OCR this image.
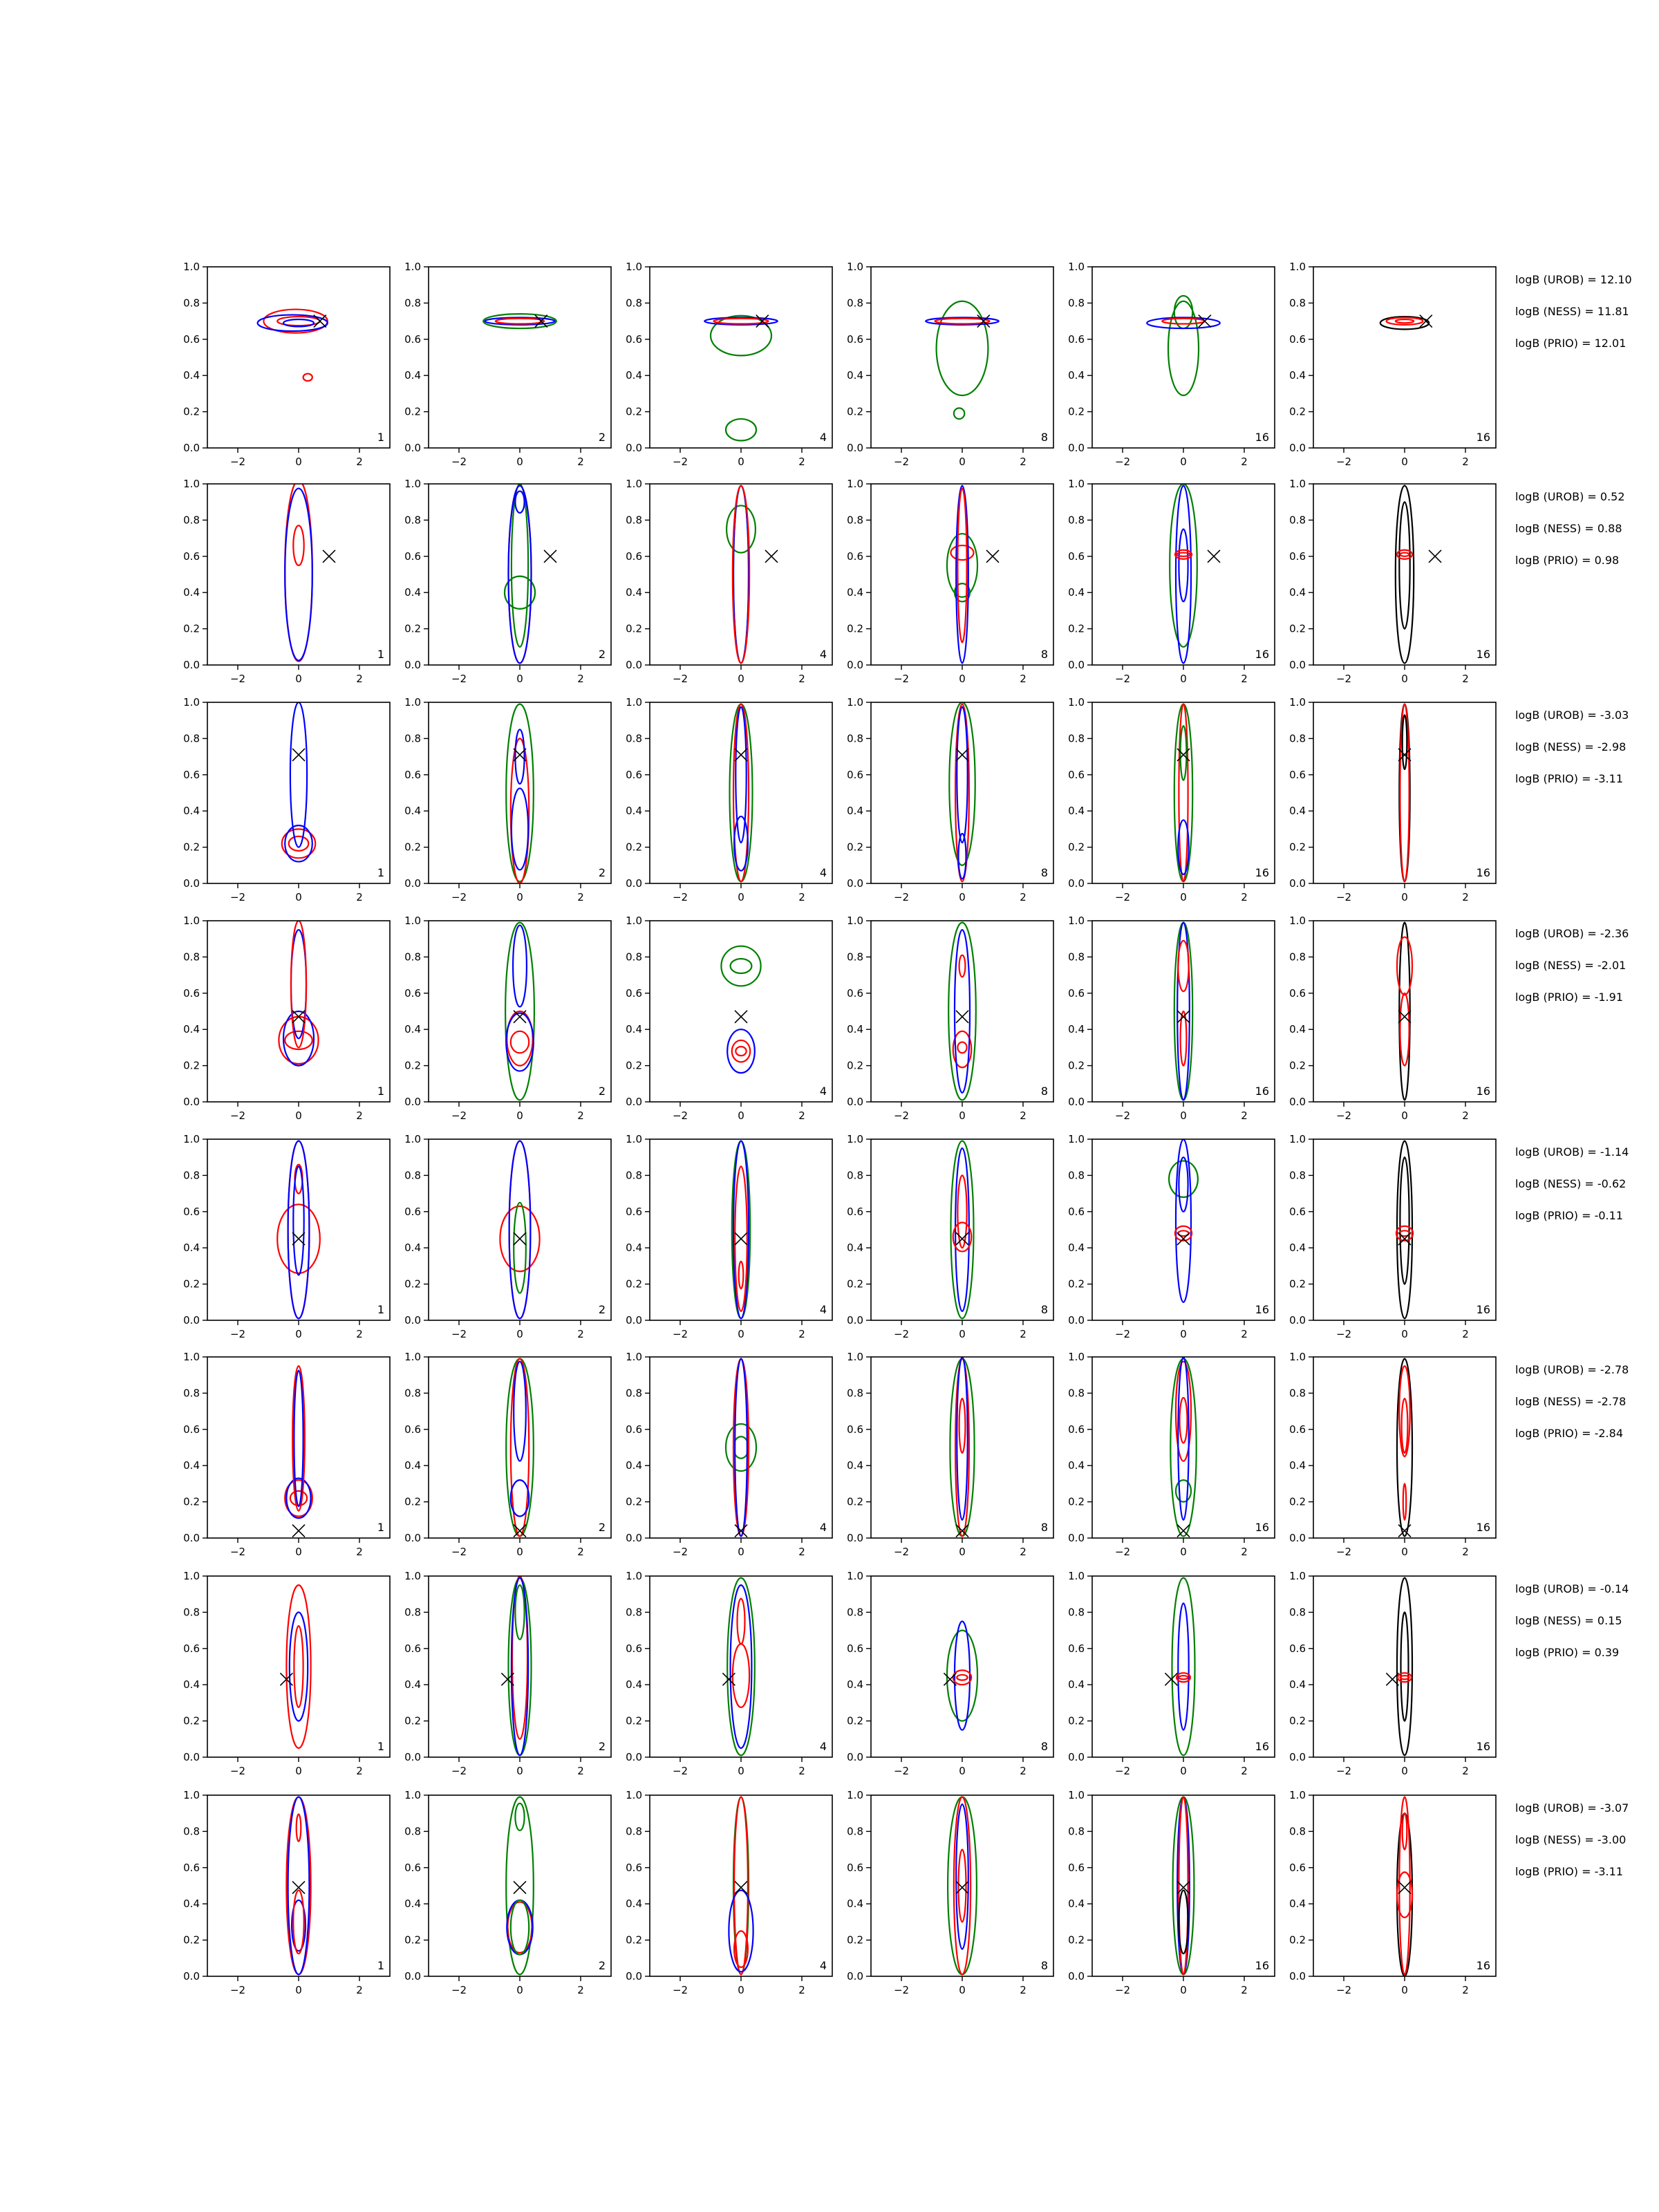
0.0
0.2
0.4
0.6
0.8
1.0
−2	0	2
1
0.0
0.2
0.4
0.6
0.8
1.0
−2	0	2
2
0.0
0.2
0.4
0.6
0.8
1.0
−2	0	2
4
0.0
0.2
0.4
0.6
0.8
1.0
−2	0	2
8
0.0
0.2
0.4
0.6
0.8
1.0
−2	0	2
16
0.0
0.2
0.4
0.6
0.8
1.0
−2	0	2
16
logB (UROB) = 12.10
logB (NESS) = 11.81
logB (PRIO) = 12.01
0.0
0.2
0.4
0.6
0.8
1.0
−2	0	2
1
0.0
0.2
0.4
0.6
0.8
1.0
−2	0	2
2
0.0
0.2
0.4
0.6
0.8
1.0
−2	0	2
4
0.0
0.2
0.4
0.6
0.8
1.0
−2	0	2
8
0.0
0.2
0.4
0.6
0.8
1.0
−2	0	2
16
0.0
0.2
0.4
0.6
0.8
1.0
−2	0	2
16
logB (UROB) = 0.52
logB (NESS) = 0.88
logB (PRIO) = 0.98
0.0
0.2
0.4
0.6
0.8
1.0
−2	0	2
1
0.0
0.2
0.4
0.6
0.8
1.0
−2	0	2
2
0.0
0.2
0.4
0.6
0.8
1.0
−2	0	2
4
0.0
0.2
0.4
0.6
0.8
1.0
−2	0	2
8
0.0
0.2
0.4
0.6
0.8
1.0
−2	0	2
16
0.0
0.2
0.4
0.6
0.8
1.0
−2	0	2
16
logB (UROB) = -3.03
logB (NESS) = -2.98
logB (PRIO) = -3.11
0.0
0.2
0.4
0.6
0.8
1.0
−2	0	2
1
0.0
0.2
0.4
0.6
0.8
1.0
−2	0	2
2
0.0
0.2
0.4
0.6
0.8
1.0
−2	0	2
4
0.0
0.2
0.4
0.6
0.8
1.0
−2	0	2
8
0.0
0.2
0.4
0.6
0.8
1.0
−2	0	2
16
0.0
0.2
0.4
0.6
0.8
1.0
−2	0	2
16
logB (UROB) = -2.36
logB (NESS) = -2.01
logB (PRIO) = -1.91
0.0
0.2
0.4
0.6
0.8
1.0
−2	0	2
1
0.0
0.2
0.4
0.6
0.8
1.0
−2	0	2
2
0.0
0.2
0.4
0.6
0.8
1.0
−2	0	2
4
0.0
0.2
0.4
0.6
0.8
1.0
−2	0	2
8
0.0
0.2
0.4
0.6
0.8
1.0
−2	0	2
16
0.0
0.2
0.4
0.6
0.8
1.0
−2	0	2
16
logB (UROB) = -1.14
logB (NESS) = -0.62
logB (PRIO) = -0.11
0.0
0.2
0.4
0.6
0.8
1.0
−2	0	2
1
0.0
0.2
0.4
0.6
0.8
1.0
−2	0	2
2
0.0
0.2
0.4
0.6
0.8
1.0
−2	0	2
4
0.0
0.2
0.4
0.6
0.8
1.0
−2	0	2
8
0.0
0.2
0.4
0.6
0.8
1.0
−2	0	2
16
0.0
0.2
0.4
0.6
0.8
1.0
−2	0	2
16
logB (UROB) = -2.78
logB (NESS) = -2.78
logB (PRIO) = -2.84
0.0
0.2
0.4
0.6
0.8
1.0
−2	0	2
1
0.0
0.2
0.4
0.6
0.8
1.0
−2	0	2
2
0.0
0.2
0.4
0.6
0.8
1.0
−2	0	2
4
0.0
0.2
0.4
0.6
0.8
1.0
−2	0	2
8
0.0
0.2
0.4
0.6
0.8
1.0
−2	0	2
16
0.0
0.2
0.4
0.6
0.8
1.0
−2	0	2
16
logB (UROB) = -0.14
logB (NESS) = 0.15
logB (PRIO) = 0.39
0.0
0.2
0.4
0.6
0.8
1.0
−2	0	2
1
0.0
0.2
0.4
0.6
0.8
1.0
−2	0	2
2
0.0
0.2
0.4
0.6
0.8
1.0
−2	0	2
4
0.0
0.2
0.4
0.6
0.8
1.0
−2	0	2
8
0.0
0.2
0.4
0.6
0.8
1.0
−2	0	2
16
0.0
0.2
0.4
0.6
0.8
1.0
−2	0	2
16
logB (UROB) = -3.07
logB (NESS) = -3.00
logB (PRIO) = -3.11
